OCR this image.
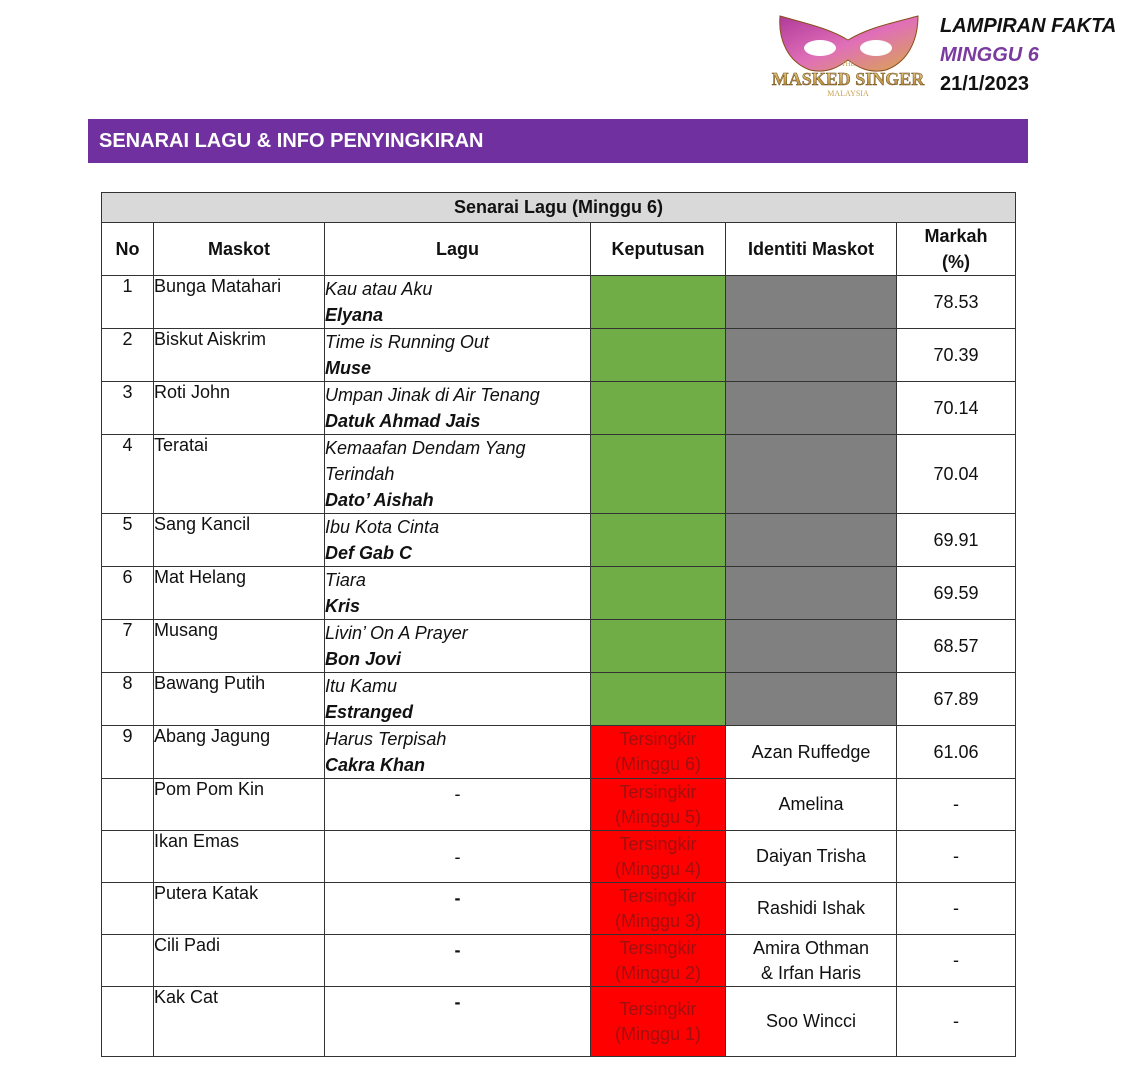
THE
MASKED SINGER
MALAYSIA
LAMPIRAN FAKTA
MINGGU 6
21/1/2023
SENARAI LAGU & INFO PENYINGKIRAN
Senarai Lagu (Minggu 6)					
No	Maskot	Lagu	Keputusan	Identiti Maskot	Markah
(%)
1	Bunga Matahari	Kau atau Aku
Elyana			78.53
2	Biskut Aiskrim	Time is Running Out
Muse			70.39
3	Roti John	Umpan Jinak di Air Tenang
Datuk Ahmad Jais			70.14
4	Teratai	Kemaafan Dendam Yang Terindah
Dato’ Aishah			70.04
5	Sang Kancil	Ibu Kota Cinta
Def Gab C			69.91
6	Mat Helang	Tiara
Kris			69.59
7	Musang	Livin’ On A Prayer
Bon Jovi			68.57
8	Bawang Putih	Itu Kamu
Estranged			67.89
9	Abang Jagung	Harus Terpisah
Cakra Khan	Tersingkir
(Minggu 6)	Azan Ruffedge	61.06
	Pom Pom Kin	-	Tersingkir
(Minggu 5)	Amelina	-
	Ikan Emas	-	Tersingkir
(Minggu 4)	Daiyan Trisha	-
	Putera Katak	-	Tersingkir
(Minggu 3)	Rashidi Ishak	-
	Cili Padi	-	Tersingkir
(Minggu 2)	Amira Othman
& Irfan Haris	-
	Kak Cat	-	Tersingkir
(Minggu 1)	Soo Wincci	-
